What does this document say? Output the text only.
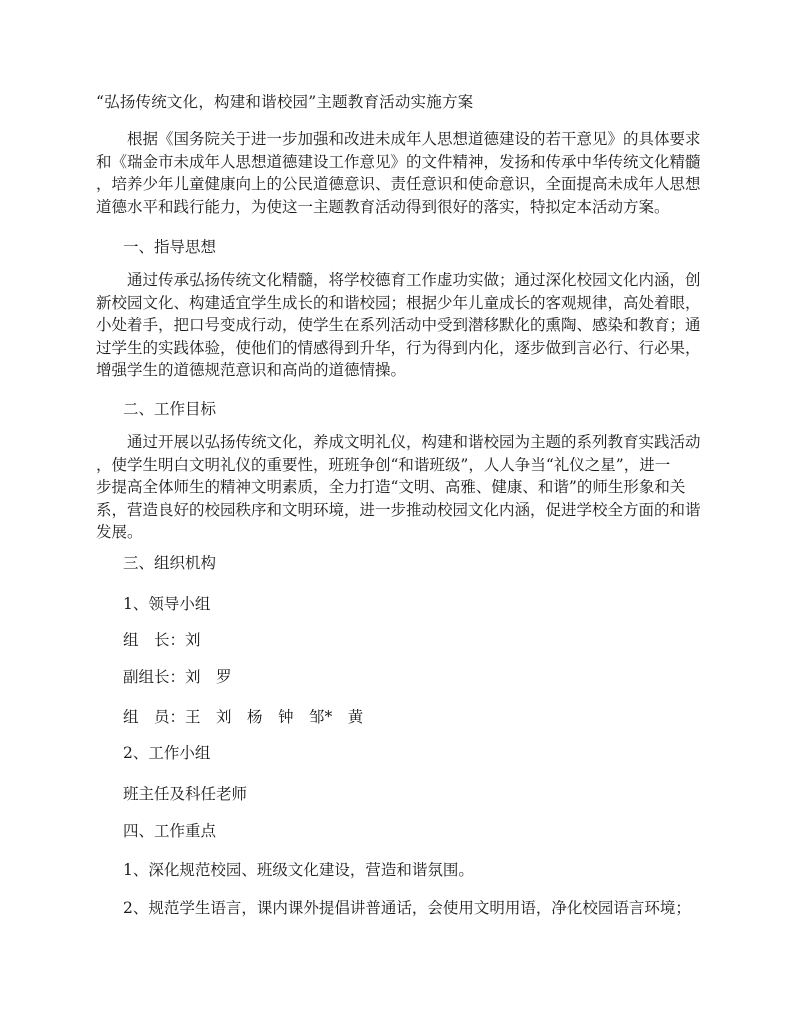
“弘扬传统文化，构建和谐校园”主题教育活动实施方案
　　根据《国务院关于进一步加强和改进未成年人思想道德建设的若干意见》的具体要求
和《瑞金市未成年人思想道德建设工作意见》的文件精神，发扬和传承中华传统文化精髓
，培养少年儿童健康向上的公民道德意识、责任意识和使命意识，全面提高未成年人思想
道德水平和践行能力，为使这一主题教育活动得到很好的落实，特拟定本活动方案。
一、指导思想
　　通过传承弘扬传统文化精髓，将学校德育工作虚功实做；通过深化校园文化内涵，创
新校园文化、构建适宜学生成长的和谐校园；根据少年儿童成长的客观规律，高处着眼，
小处着手，把口号变成行动，使学生在系列活动中受到潜移默化的熏陶、感染和教育；通
过学生的实践体验，使他们的情感得到升华，行为得到内化，逐步做到言必行、行必果，
增强学生的道德规范意识和高尚的道德情操。
二、工作目标
　　通过开展以弘扬传统文化，养成文明礼仪，构建和谐校园为主题的系列教育实践活动
，使学生明白文明礼仪的重要性，班班争创“和谐班级”，人人争当“礼仪之星”，进一
步提高全体师生的精神文明素质，全力打造“文明、高雅、健康、和谐”的师生形象和关
系，营造良好的校园秩序和文明环境，进一步推动校园文化内涵，促进学校全方面的和谐
发展。
三、组织机构
1、领导小组
组　长：刘
副组长：刘　罗
组　员：王　刘　杨　钟　邹*　黄
2、工作小组
班主任及科任老师
四、工作重点
1、深化规范校园、班级文化建设，营造和谐氛围。
2、规范学生语言，课内课外提倡讲普通话，会使用文明用语，净化校园语言环境；
